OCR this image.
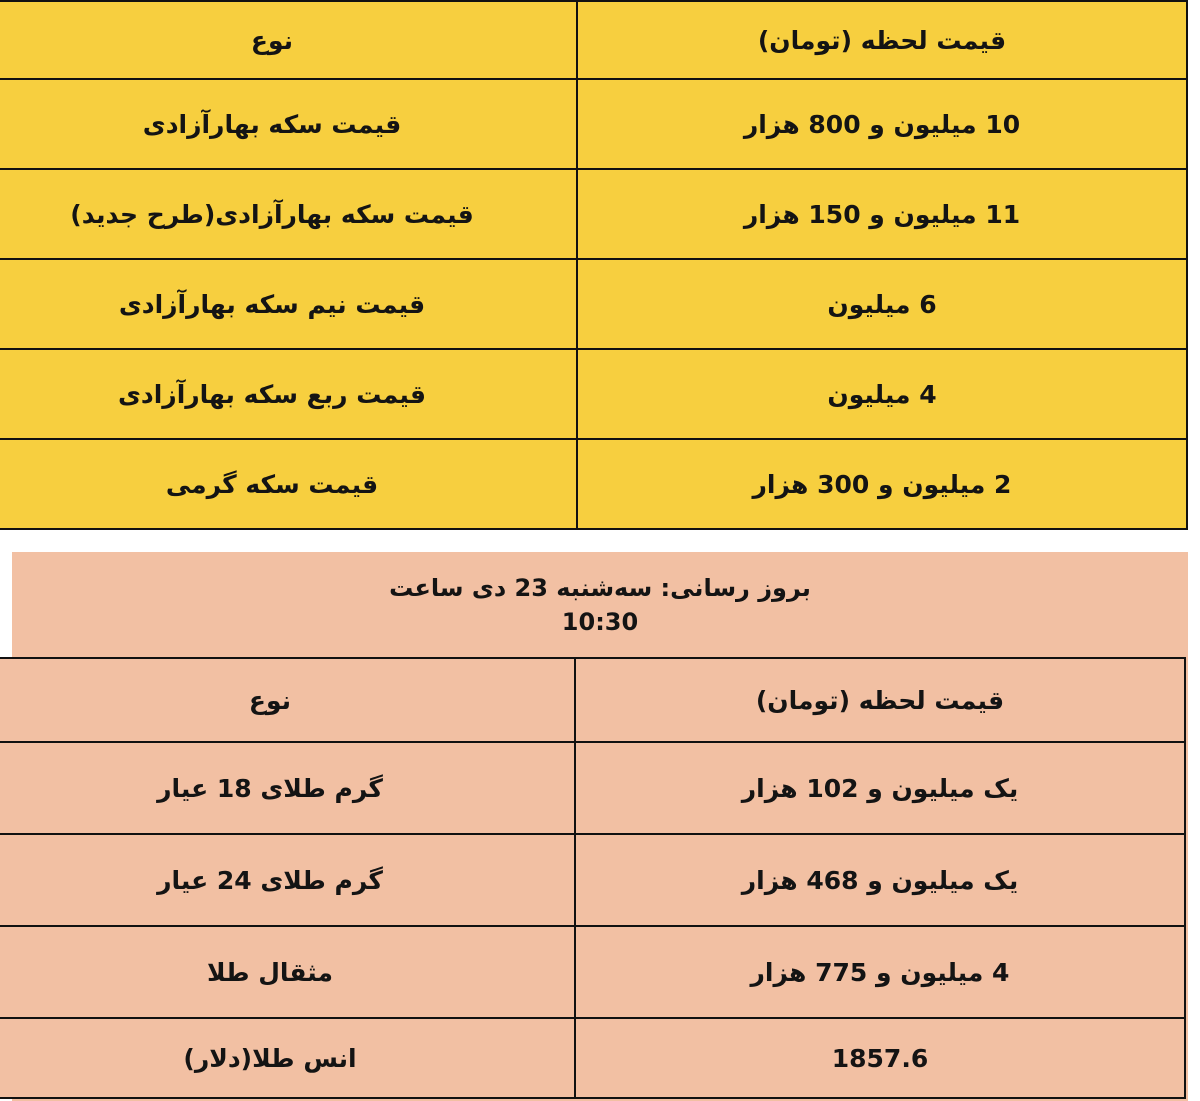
قیمت لحظه (تومان)	نوع
10 میلیون و 800 هزار	قیمت سکه بهارآزادی
11 میلیون و 150 هزار	قیمت سکه بهارآزادی(طرح جدید)
6 میلیون	قیمت نیم سکه بهارآزادی
4 میلیون	قیمت ربع سکه بهارآزادی
2 میلیون و 300 هزار	قیمت سکه گرمی
بروز رسانی: سه‌شنبه 23 دی ساعت
10:30
قیمت لحظه (تومان)	نوع
یک میلیون و 102 هزار	گرم طلای 18 عیار
یک میلیون و 468 هزار	گرم طلای 24 عیار
4 میلیون و 775 هزار	مثقال طلا
1857.6	انس طلا(دلار)
